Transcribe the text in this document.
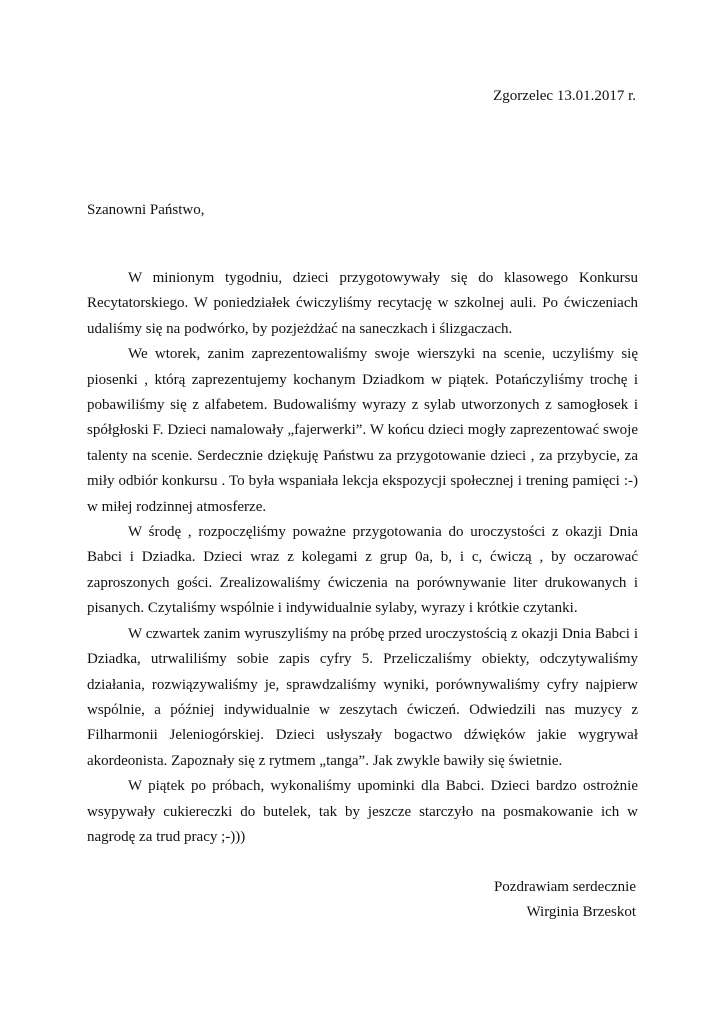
Zgorzelec 13.01.2017 r.
Szanowni Państwo,

W minionym tygodniu, dzieci przygotowywały się do klasowego Konkursu Recytatorskiego. W poniedziałek ćwiczyliśmy recytację w szkolnej auli. Po ćwiczeniach udaliśmy się na podwórko, by pozjeżdżać na saneczkach i ślizgaczach.

We wtorek, zanim zaprezentowaliśmy swoje wierszyki na scenie, uczyliśmy się piosenki , którą zaprezentujemy kochanym Dziadkom w piątek. Potańczyliśmy trochę i pobawiliśmy się z alfabetem. Budowaliśmy wyrazy z sylab utworzonych z samogłosek i spółgłoski F. Dzieci namalowały „fajerwerki”. W końcu dzieci mogły zaprezentować swoje talenty na scenie. Serdecznie dziękuję Państwu za przygotowanie dzieci , za przybycie, za miły odbiór konkursu . To była wspaniała lekcja ekspozycji społecznej i trening pamięci :-) w miłej rodzinnej atmosferze.

W środę , rozpoczęliśmy poważne przygotowania do uroczystości z okazji Dnia Babci i Dziadka. Dzieci wraz z kolegami z grup 0a, b, i c, ćwiczą , by oczarować zaproszonych gości. Zrealizowaliśmy ćwiczenia na porównywanie liter drukowanych i pisanych. Czytaliśmy wspólnie i indywidualnie sylaby, wyrazy i krótkie czytanki.

W czwartek zanim wyruszyliśmy na próbę przed uroczystością z okazji Dnia Babci i Dziadka, utrwaliliśmy sobie zapis cyfry 5. Przeliczaliśmy obiekty, odczytywaliśmy działania, rozwiązywaliśmy je, sprawdzaliśmy wyniki, porównywaliśmy cyfry najpierw wspólnie, a później indywidualnie w zeszytach ćwiczeń. Odwiedzili nas muzycy z Filharmonii Jeleniogórskiej. Dzieci usłyszały bogactwo dźwięków jakie wygrywał akordeonista. Zapoznały się z rytmem „tanga”. Jak zwykle bawiły się świetnie.

W piątek po próbach, wykonaliśmy upominki dla Babci. Dzieci bardzo ostrożnie wsypywały cukiereczki do butelek, tak by jeszcze starczyło na posmakowanie ich w nagrodę za trud pracy ;-)))

Pozdrawiam serdecznie
Wirginia Brzeskot
